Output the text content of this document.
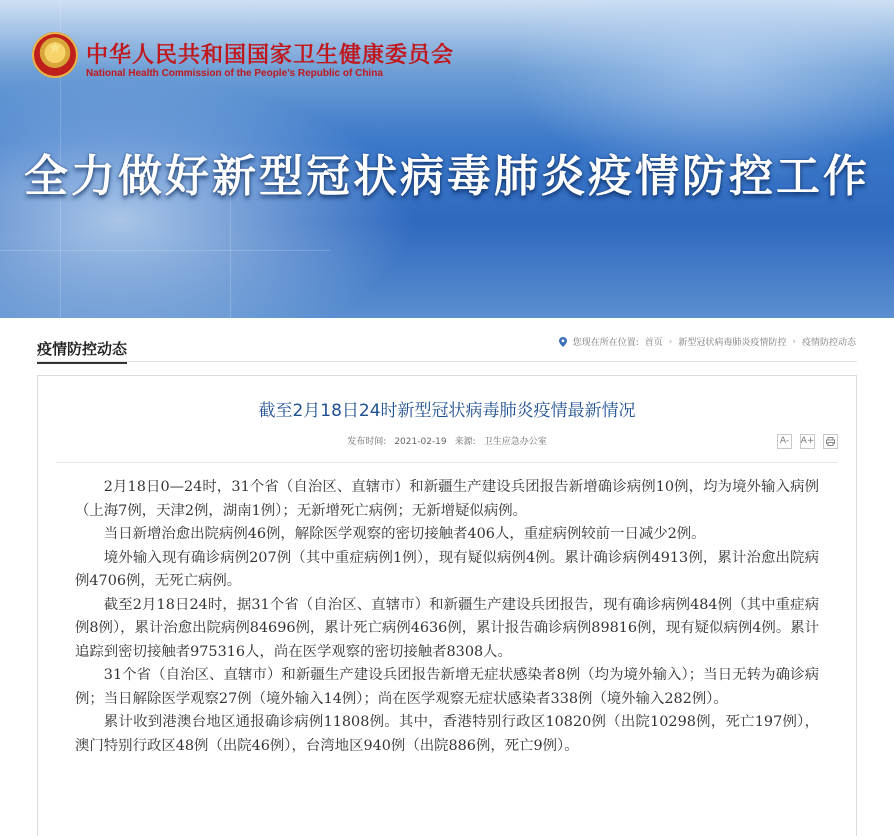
★
中华人民共和国国家卫生健康委员会
National Health Commission of the People’s Republic of China
全力做好新型冠状病毒肺炎疫情防控工作
疫情防控动态	您现在所在位置: 首页 › 新型冠状病毒肺炎疫情防控 › 疫情防控动态
截至2月18日24时新型冠状病毒肺炎疫情最新情况
发布时间: 2021-02-19 来源: 卫生应急办公室	A-	A+

2月18日0—24时，31个省（自治区、直辖市）和新疆生产建设兵团报告新增确诊病例10例，均为境外输入病例（上海7例，天津2例，湖南1例）；无新增死亡病例；无新增疑似病例。

当日新增治愈出院病例46例，解除医学观察的密切接触者406人，重症病例较前一日减少2例。

境外输入现有确诊病例207例（其中重症病例1例），现有疑似病例4例。累计确诊病例4913例，累计治愈出院病例4706例，无死亡病例。

截至2月18日24时，据31个省（自治区、直辖市）和新疆生产建设兵团报告，现有确诊病例484例（其中重症病例8例），累计治愈出院病例84696例，累计死亡病例4636例，累计报告确诊病例89816例，现有疑似病例4例。累计追踪到密切接触者975316人，尚在医学观察的密切接触者8308人。

31个省（自治区、直辖市）和新疆生产建设兵团报告新增无症状感染者8例（均为境外输入）；当日无转为确诊病例；当日解除医学观察27例（境外输入14例）；尚在医学观察无症状感染者338例（境外输入282例）。

累计收到港澳台地区通报确诊病例11808例。其中，香港特别行政区10820例（出院10298例，死亡197例），澳门特别行政区48例（出院46例），台湾地区940例（出院886例，死亡9例）。
